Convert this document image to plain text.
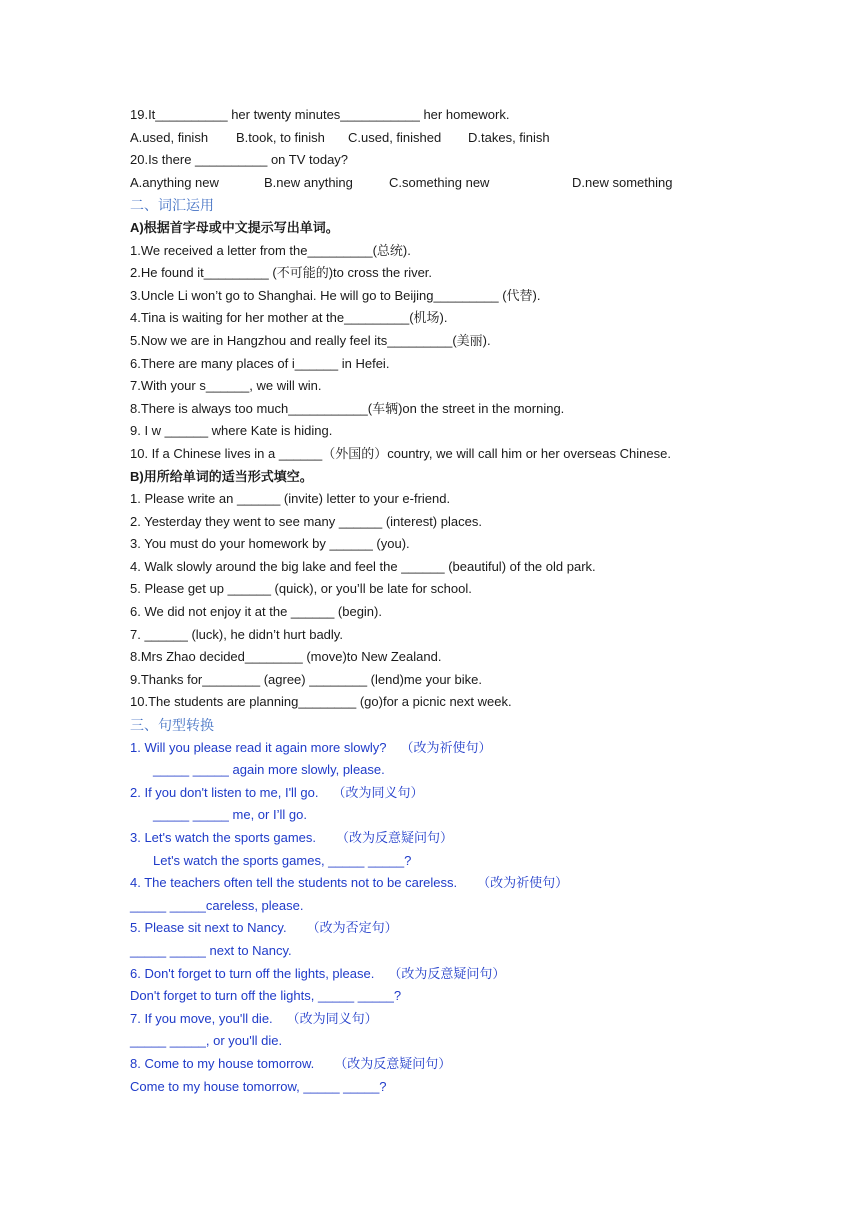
19.It__________ her twenty minutes___________ her homework.
A.used, finish	B.took, to finish	C.used, finished	D.takes, finish
20.Is there __________ on TV today?
A.anything new	B.new anything	C.something new	D.new something
二、词汇运用
A)根据首字母或中文提示写出单词。
1.We received a letter from the_________(总统).
2.He found it_________ (不可能的)to cross the river.
3.Uncle Li won’t go to Shanghai. He will go to Beijing_________ (代替).
4.Tina is waiting for her mother at the_________(机场).
5.Now we are in Hangzhou and really feel its_________(美丽).
6.There are many places of i______ in Hefei.
7.With your s______, we will win.
8.There is always too much___________(车辆)on the street in the morning.
9. I w ______ where Kate is hiding.
10. If a Chinese lives in a ______（外国的）country, we will call him or her overseas Chinese.
B)用所给单词的适当形式填空。
1. Please write an ______ (invite) letter to your e-friend.
2. Yesterday they went to see many ______ (interest) places.
3. You must do your homework by ______ (you).
4. Walk slowly around the big lake and feel the ______ (beautiful) of the old park.
5. Please get up ______ (quick), or you’ll be late for school.
6. We did not enjoy it at the ______ (begin).
7. ______ (luck), he didn’t hurt badly.
8.Mrs Zhao decided________ (move)to New Zealand.
9.Thanks for________ (agree) ________ (lend)me your bike.
10.The students are planning________ (go)for a picnic next week.
三、句型转换
1. Will you please read it again more slowly? （改为祈使句）
_____ _____ again more slowly, please.
2. If you don't listen to me, I'll go. （改为同义句）
_____ _____ me, or I’ll go.
3. Let's watch the sports games. （改为反意疑问句）
Let's watch the sports games, _____ _____?
4. The teachers often tell the students not to be careless. （改为祈使句）
_____ _____careless, please.
5. Please sit next to Nancy. （改为否定句）
_____ _____ next to Nancy.
6. Don't forget to turn off the lights, please. （改为反意疑问句）
Don't forget to turn off the lights, _____ _____?
7. If you move, you'll die. （改为同义句）
_____ _____, or you'll die.
8. Come to my house tomorrow. （改为反意疑问句）
Come to my house tomorrow, _____ _____?
